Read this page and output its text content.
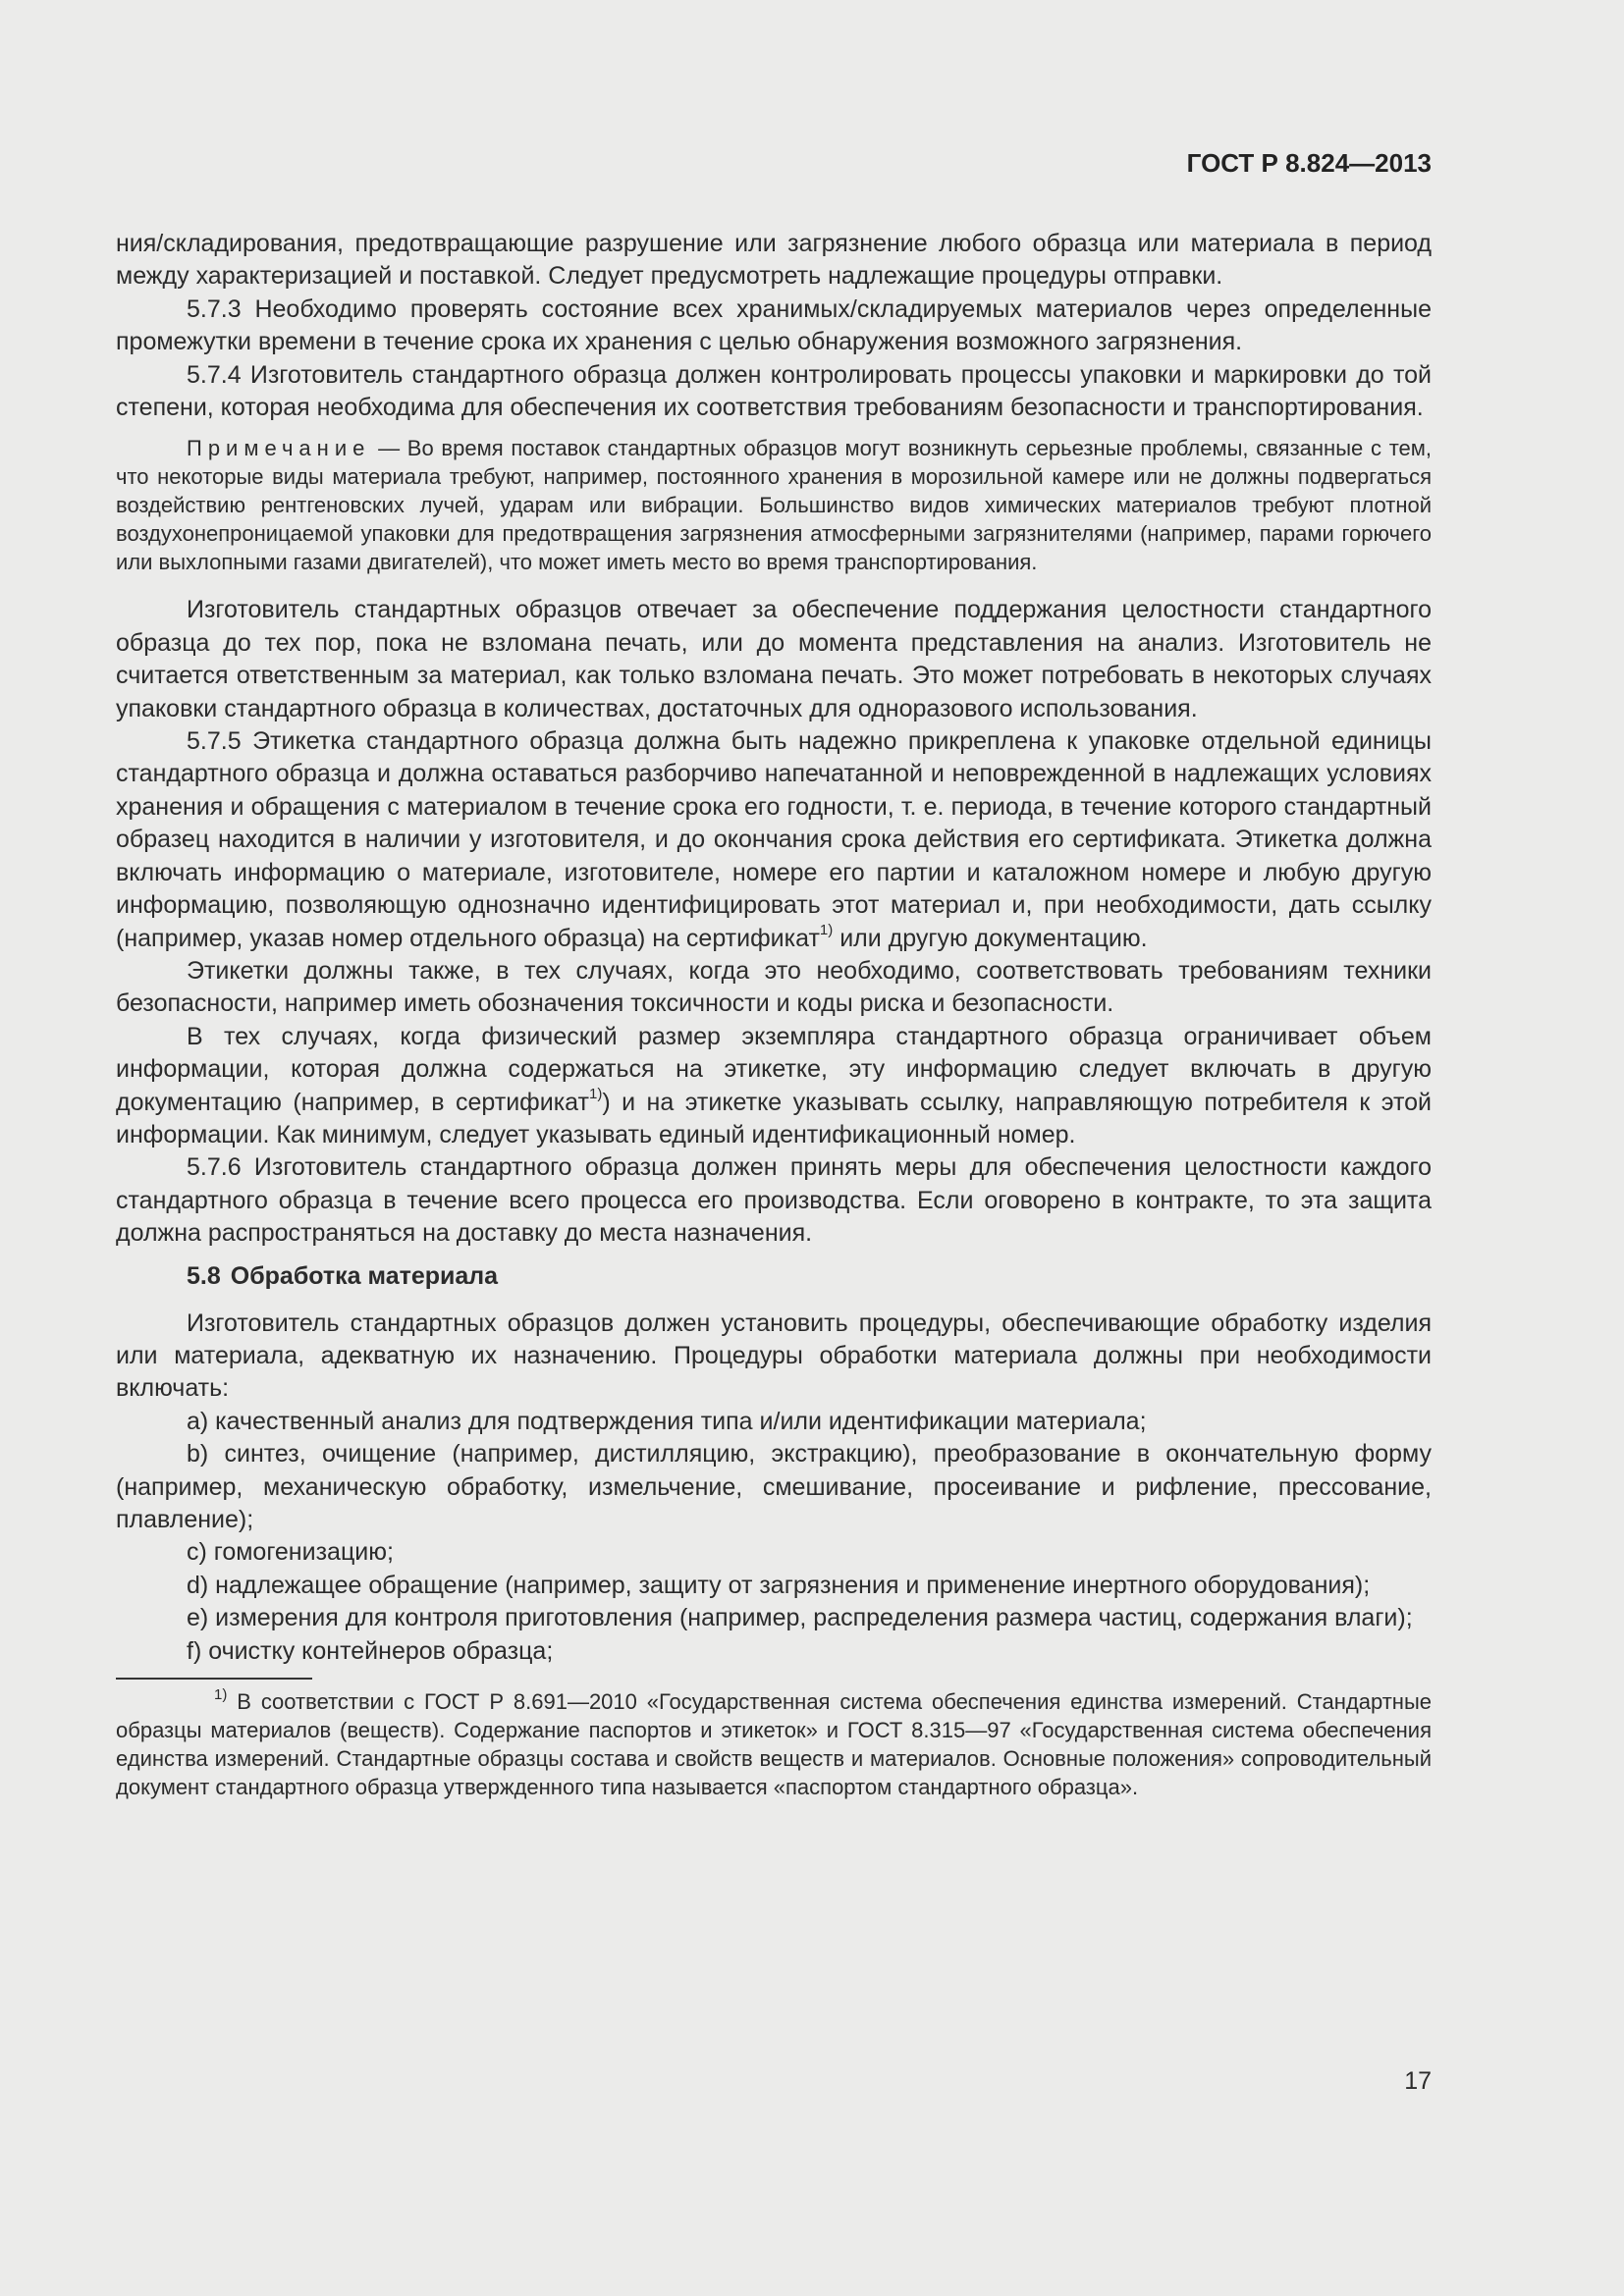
ГОСТ Р 8.824—2013

ния/складирования, предотвращающие разрушение или загрязнение любого образца или материала в период между характеризацией и поставкой. Следует предусмотреть надлежащие процедуры отправки.

5.7.3 Необходимо проверять состояние всех хранимых/складируемых материалов через определенные промежутки времени в течение срока их хранения с целью обнаружения возможного загрязнения.

5.7.4 Изготовитель стандартного образца должен контролировать процессы упаковки и маркировки до той степени, которая необходима для обеспечения их соответствия требованиям безопасности и транспортирования.

Примечание — Во время поставок стандартных образцов могут возникнуть серьезные проблемы, связанные с тем, что некоторые виды материала требуют, например, постоянного хранения в морозильной камере или не должны подвергаться воздействию рентгеновских лучей, ударам или вибрации. Большинство видов химических материалов требуют плотной воздухонепроницаемой упаковки для предотвращения загрязнения атмосферными загрязнителями (например, парами горючего или выхлопными газами двигателей), что может иметь место во время транспортирования.

Изготовитель стандартных образцов отвечает за обеспечение поддержания целостности стандартного образца до тех пор, пока не взломана печать, или до момента представления на анализ. Изготовитель не считается ответственным за материал, как только взломана печать. Это может потребовать в некоторых случаях упаковки стандартного образца в количествах, достаточных для одноразового использования.

5.7.5 Этикетка стандартного образца должна быть надежно прикреплена к упаковке отдельной единицы стандартного образца и должна оставаться разборчиво напечатанной и неповрежденной в надлежащих условиях хранения и обращения с материалом в течение срока его годности, т. е. периода, в течение которого стандартный образец находится в наличии у изготовителя, и до окончания срока действия его сертификата. Этикетка должна включать информацию о материале, изготовителе, номере его партии и каталожном номере и любую другую информацию, позволяющую однозначно идентифицировать этот материал и, при необходимости, дать ссылку (например, указав номер отдельного образца) на сертификат$^{1)}$ или другую документацию.

Этикетки должны также, в тех случаях, когда это необходимо, соответствовать требованиям техники безопасности, например иметь обозначения токсичности и коды риска и безопасности.

В тех случаях, когда физический размер экземпляра стандартного образца ограничивает объем информации, которая должна содержаться на этикетке, эту информацию следует включать в другую документацию (например, в сертификат$^{1)}$) и на этикетке указывать ссылку, направляющую потребителя к этой информации. Как минимум, следует указывать единый идентификационный номер.

5.7.6 Изготовитель стандартного образца должен принять меры для обеспечения целостности каждого стандартного образца в течение всего процесса его производства. Если оговорено в контракте, то эта защита должна распространяться на доставку до места назначения.

5.8 Обработка материала

Изготовитель стандартных образцов должен установить процедуры, обеспечивающие обработку изделия или материала, адекватную их назначению. Процедуры обработки материала должны при необходимости включать:

a) качественный анализ для подтверждения типа и/или идентификации материала;

b) синтез, очищение (например, дистилляцию, экстракцию), преобразование в окончательную форму (например, механическую обработку, измельчение, смешивание, просеивание и рифление, прессование, плавление);

c) гомогенизацию;

d) надлежащее обращение (например, защиту от загрязнения и применение инертного оборудования);

e) измерения для контроля приготовления (например, распределения размера частиц, содержания влаги);

f) очистку контейнеров образца;

$^{1)}$ В соответствии с ГОСТ Р 8.691—2010 «Государственная система обеспечения единства измерений. Стандартные образцы материалов (веществ). Содержание паспортов и этикеток» и ГОСТ 8.315—97 «Государственная система обеспечения единства измерений. Стандартные образцы состава и свойств веществ и материалов. Основные положения» сопроводительный документ стандартного образца утвержденного типа называется «паспортом стандартного образца».
17
